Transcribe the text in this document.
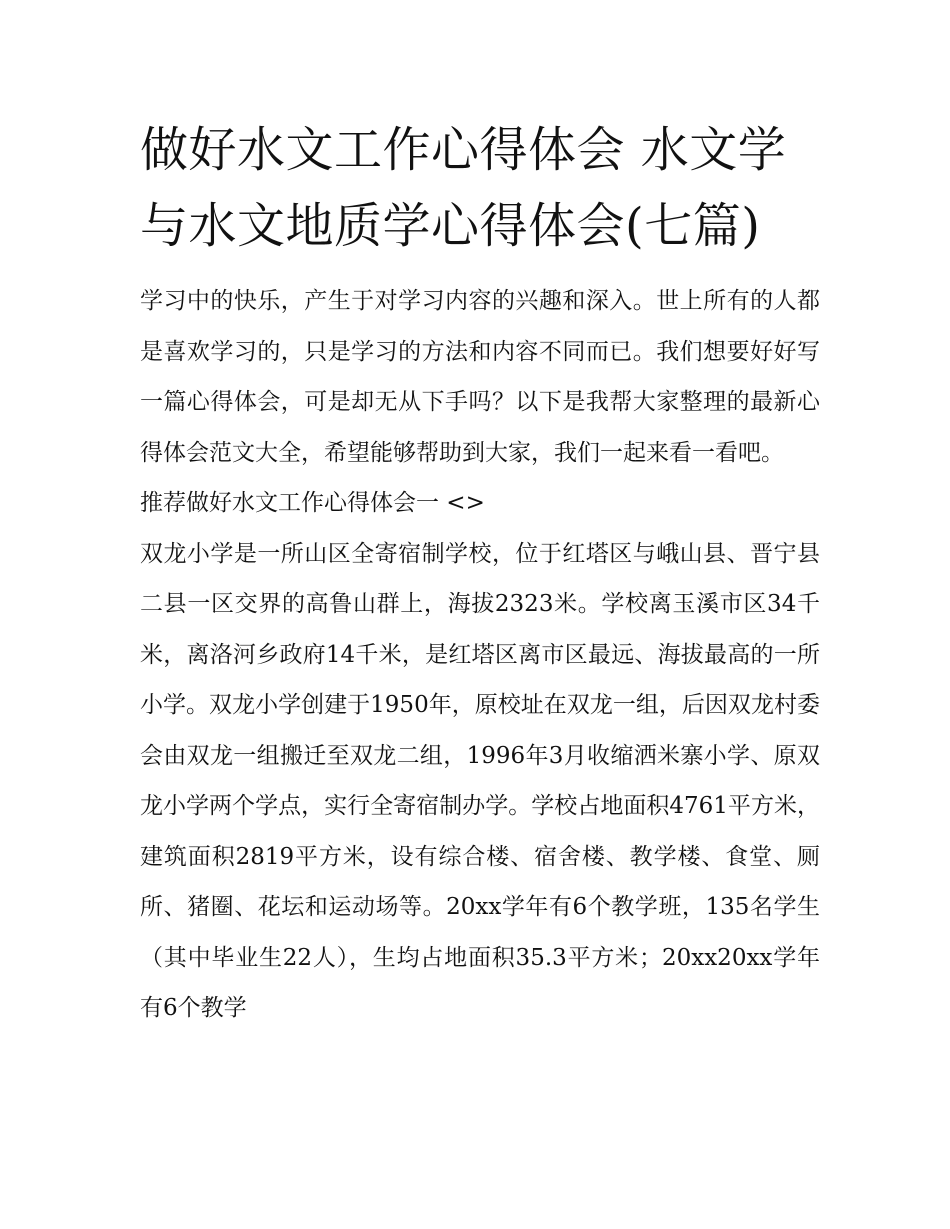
做好水文工作心得体会 水文学与水文地质学心得体会(七篇)

学习中的快乐，产生于对学习内容的兴趣和深入。世上所有的人都是喜欢学习的，只是学习的方法和内容不同而已。我们想要好好写一篇心得体会，可是却无从下手吗？以下是我帮大家整理的最新心得体会范文大全，希望能够帮助到大家，我们一起来看一看吧。

推荐做好水文工作心得体会一 <>

双龙小学是一所山区全寄宿制学校，位于红塔区与峨山县、晋宁县二县一区交界的高鲁山群上，海拔2323米。学校离玉溪市区34千米，离洛河乡政府14千米，是红塔区离市区最远、海拔最高的一所小学。双龙小学创建于1950年，原校址在双龙一组，后因双龙村委会由双龙一组搬迁至双龙二组，1996年3月收缩洒米寨小学、原双龙小学两个学点，实行全寄宿制办学。学校占地面积4761平方米，建筑面积2819平方米，设有综合楼、宿舍楼、教学楼、食堂、厕所、猪圈、花坛和运动场等。20xx学年有6个教学班，135名学生（其中毕业生22人），生均占地面积35.3平方米；20xx20xx学年有6个教学
